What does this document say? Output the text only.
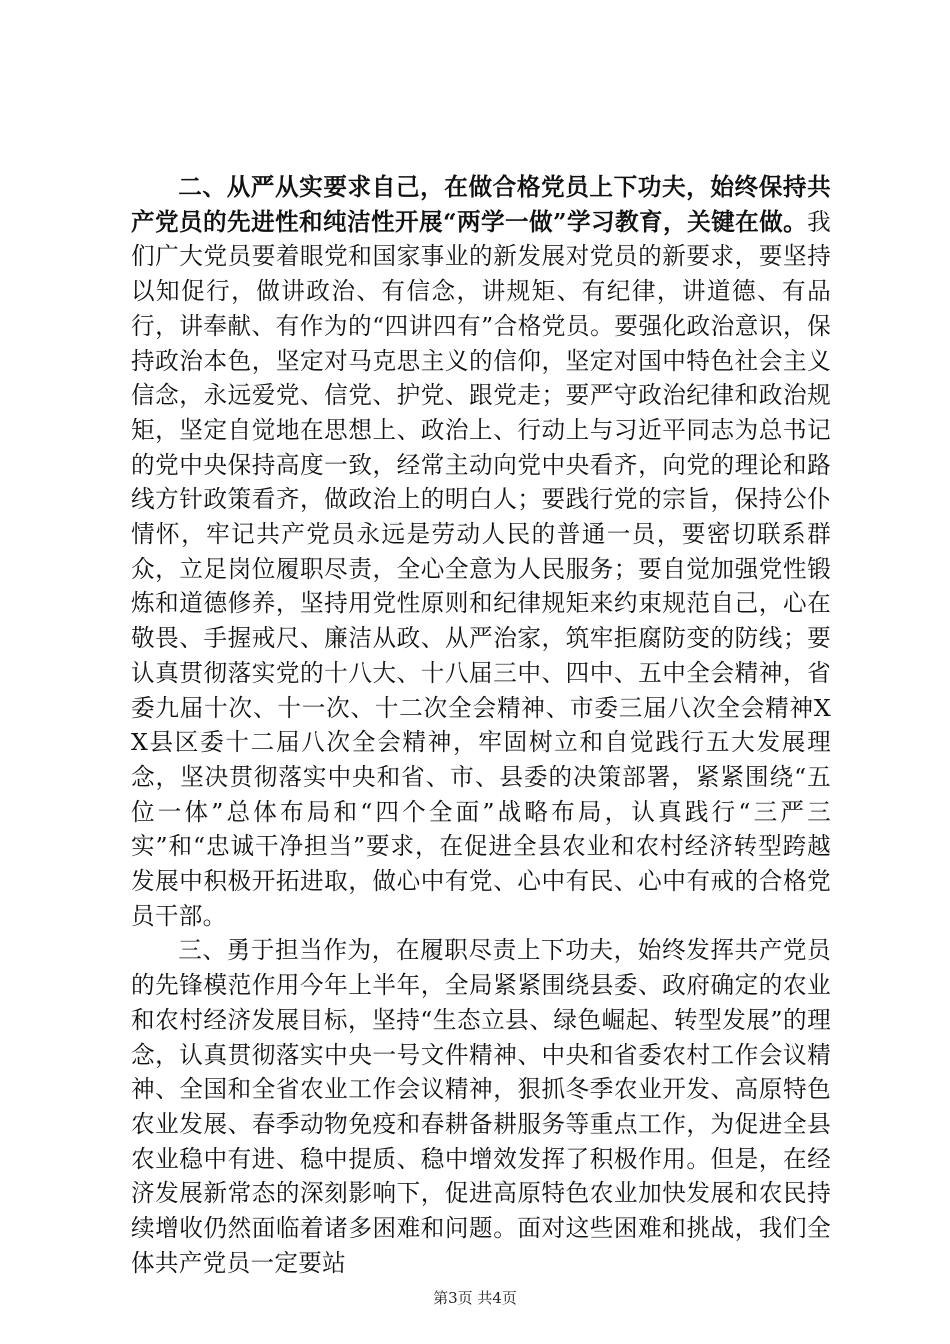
二、从严从实要求自己，在做合格党员上下功夫，始终保持共产党员的先进性和纯洁性开展“两学一做”学习教育，关键在做。我们广大党员要着眼党和国家事业的新发展对党员的新要求，要坚持以知促行，做讲政治、有信念，讲规矩、有纪律，讲道德、有品行，讲奉献、有作为的“四讲四有”合格党员。要强化政治意识，保持政治本色，坚定对马克思主义的信仰，坚定对国中特色社会主义信念，永远爱党、信党、护党、跟党走；要严守政治纪律和政治规矩，坚定自觉地在思想上、政治上、行动上与习近平同志为总书记的党中央保持高度一致，经常主动向党中央看齐，向党的理论和路线方针政策看齐，做政治上的明白人；要践行党的宗旨，保持公仆情怀，牢记共产党员永远是劳动人民的普通一员，要密切联系群众，立足岗位履职尽责，全心全意为人民服务；要自觉加强党性锻炼和道德修养，坚持用党性原则和纪律规矩来约束规范自己，心在敬畏、手握戒尺、廉洁从政、从严治家，筑牢拒腐防变的防线；要认真贯彻落实党的十八大、十八届三中、四中、五中全会精神，省委九届十次、十一次、十二次全会精神、市委三届八次全会精神XX县区委十二届八次全会精神，牢固树立和自觉践行五大发展理念，坚决贯彻落实中央和省、市、县委的决策部署，紧紧围绕“五位一体”总体布局和“四个全面”战略布局，认真践行“三严三实”和“忠诚干净担当”要求，在促进全县农业和农村经济转型跨越发展中积极开拓进取，做心中有党、心中有民、心中有戒的合格党员干部。

三、勇于担当作为，在履职尽责上下功夫，始终发挥共产党员的先锋模范作用今年上半年，全局紧紧围绕县委、政府确定的农业和农村经济发展目标，坚持“生态立县、绿色崛起、转型发展”的理念，认真贯彻落实中央一号文件精神、中央和省委农村工作会议精神、全国和全省农业工作会议精神，狠抓冬季农业开发、高原特色农业发展、春季动物免疫和春耕备耕服务等重点工作，为促进全县农业稳中有进、稳中提质、稳中增效发挥了积极作用。但是，在经济发展新常态的深刻影响下，促进高原特色农业加快发展和农民持续增收仍然面临着诸多困难和问题。面对这些困难和挑战，我们全体共产党员一定要站

第3页 共4页
